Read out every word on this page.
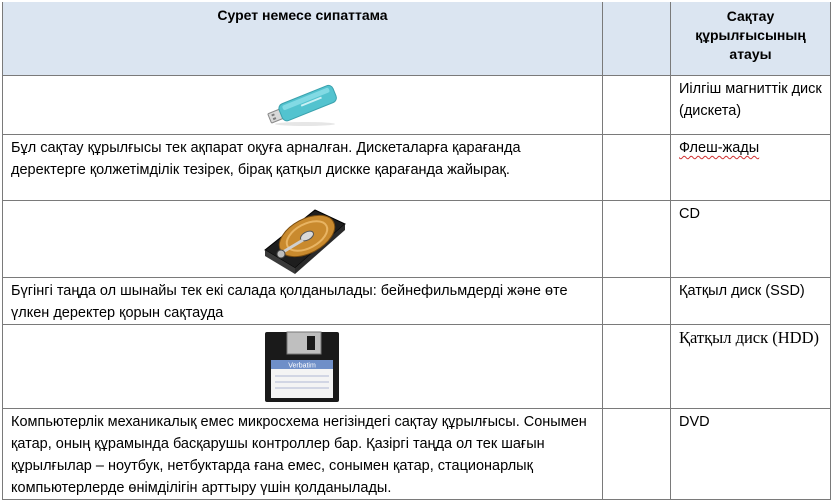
Сурет немесе сипаттама		Сақтау
құрылғысының
атауы

		Иілгіш магниттік диск (дискета)
Бұл сақтау құрылғысы тек ақпарат оқуға арналған. Дискеталарға қарағанда деректерге қолжетімділік тезірек, бірақ қатқыл дискке қарағанда жайырақ.		Флеш-жады

		CD
Бүгінгі таңда ол шынайы тек екі салада қолданылады: бейнефильмдерді және өте үлкен деректер қорын сақтауда		Қатқыл диск (SSD)

Verbatim		Қатқыл диск (HDD)
Компьютерлік механикалық емес микросхема негізіндегі сақтау құрылғысы. Сонымен қатар, оның құрамында басқарушы контроллер бар. Қазіргі таңда ол тек шағын құрылғылар – ноутбук, нетбуктарда ғана емес, сонымен қатар, стационарлық компьютерлерде өнімділігін арттыру үшін қолданылады.		DVD
